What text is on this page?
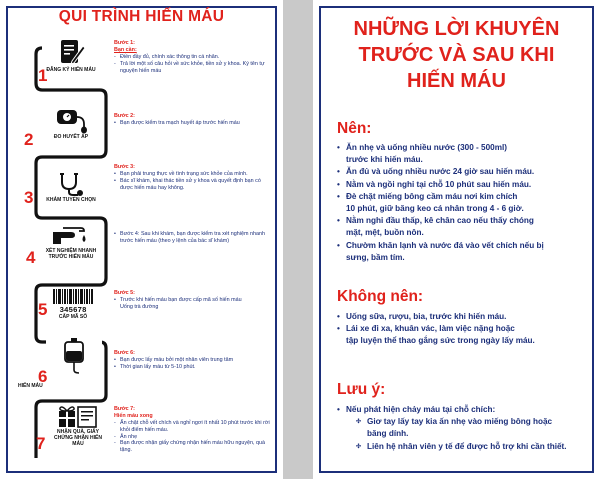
QUI TRÌNH HIẾN MÁU
ĐĂNG KÝ HIẾN MÁU
1
ĐO HUYẾT ÁP
2
KHÁM TUYỂN CHỌN
3
XÉT NGHIỆM NHANH TRƯỚC HIẾN MÁU
4
345678
CẤP MÃ SỐ
5
6
HIẾN MÁU
NHẬN QUÀ, GIẤY CHỨNG NHẬN HIẾN MÁU
7
Bước 1:
Bạn cần:
- Điền đầy đủ, chính xác thông tin cá nhân.
- Trả lời một số câu hỏi về sức khỏe, tiền sử y khoa. Ký tên tự nguyện hiến máu
Bước 2:
• Bạn được kiểm tra mạch huyết áp trước hiến máu
Bước 3:
• Bạn phải trung thực về tình trạng sức khỏe của mình.
• Bác sĩ khám, khai thác tiền sử y khoa và quyết định bạn có được hiến máu hay không.
• Bước 4: Sau khi khám, bạn được kiểm tra xét nghiệm nhanh trước hiến máu (theo y lệnh của bác sĩ khám)
Bước 5:
• Trước khi hiến máu bạn được cấp mã số hiến máu
Uống trà đường
Bước 6:
• Bạn được lấy máu bởi một nhân viên trung tâm
• Thời gian lấy máu từ 5-10 phút.
Bước 7:
Hiến máu xong
- Ấn chặt chỗ vết chích và nghỉ ngơi ít nhất 10 phút trước khi rời khỏi điểm hiến máu.
- Ăn nhẹ
- Bạn được nhận giấy chứng nhận hiến máu hữu nguyện, quà tặng.
NHỮNG LỜI KHUYÊN
TRƯỚC VÀ SAU KHI
HIẾN MÁU
Nên:
• Ăn nhẹ và uống nhiều nước (300 - 500ml)
trước khi hiến máu.
• Ăn đủ và uống nhiều nước 24 giờ sau hiến máu.
• Nằm và ngồi nghỉ tại chỗ 10 phút sau hiến máu.
• Đè chặt miếng bông cầm máu nơi kim chích
10 phút, giữ băng keo cá nhân trong 4 - 6 giờ.
• Nằm nghỉ đầu thấp, kê chân cao nếu thấy chóng
mặt, mệt, buồn nôn.
• Chườm khăn lạnh và nước đá vào vết chích nếu bị
sưng, bầm tím.
Không nên:
• Uống sữa, rượu, bia, trước khi hiến máu.
• Lái xe đi xa, khuân vác, làm việc nặng hoặc
tập luyện thể thao gắng sức trong ngày lấy máu.
Lưu ý:
• Nếu phát hiện chảy máu tại chỗ chích:
✣ Giơ tay lấy tay kia ấn nhẹ vào miếng bông hoặc
băng dính.
✣ Liên hệ nhân viên y tế để được hỗ trợ khi cần thiết.
